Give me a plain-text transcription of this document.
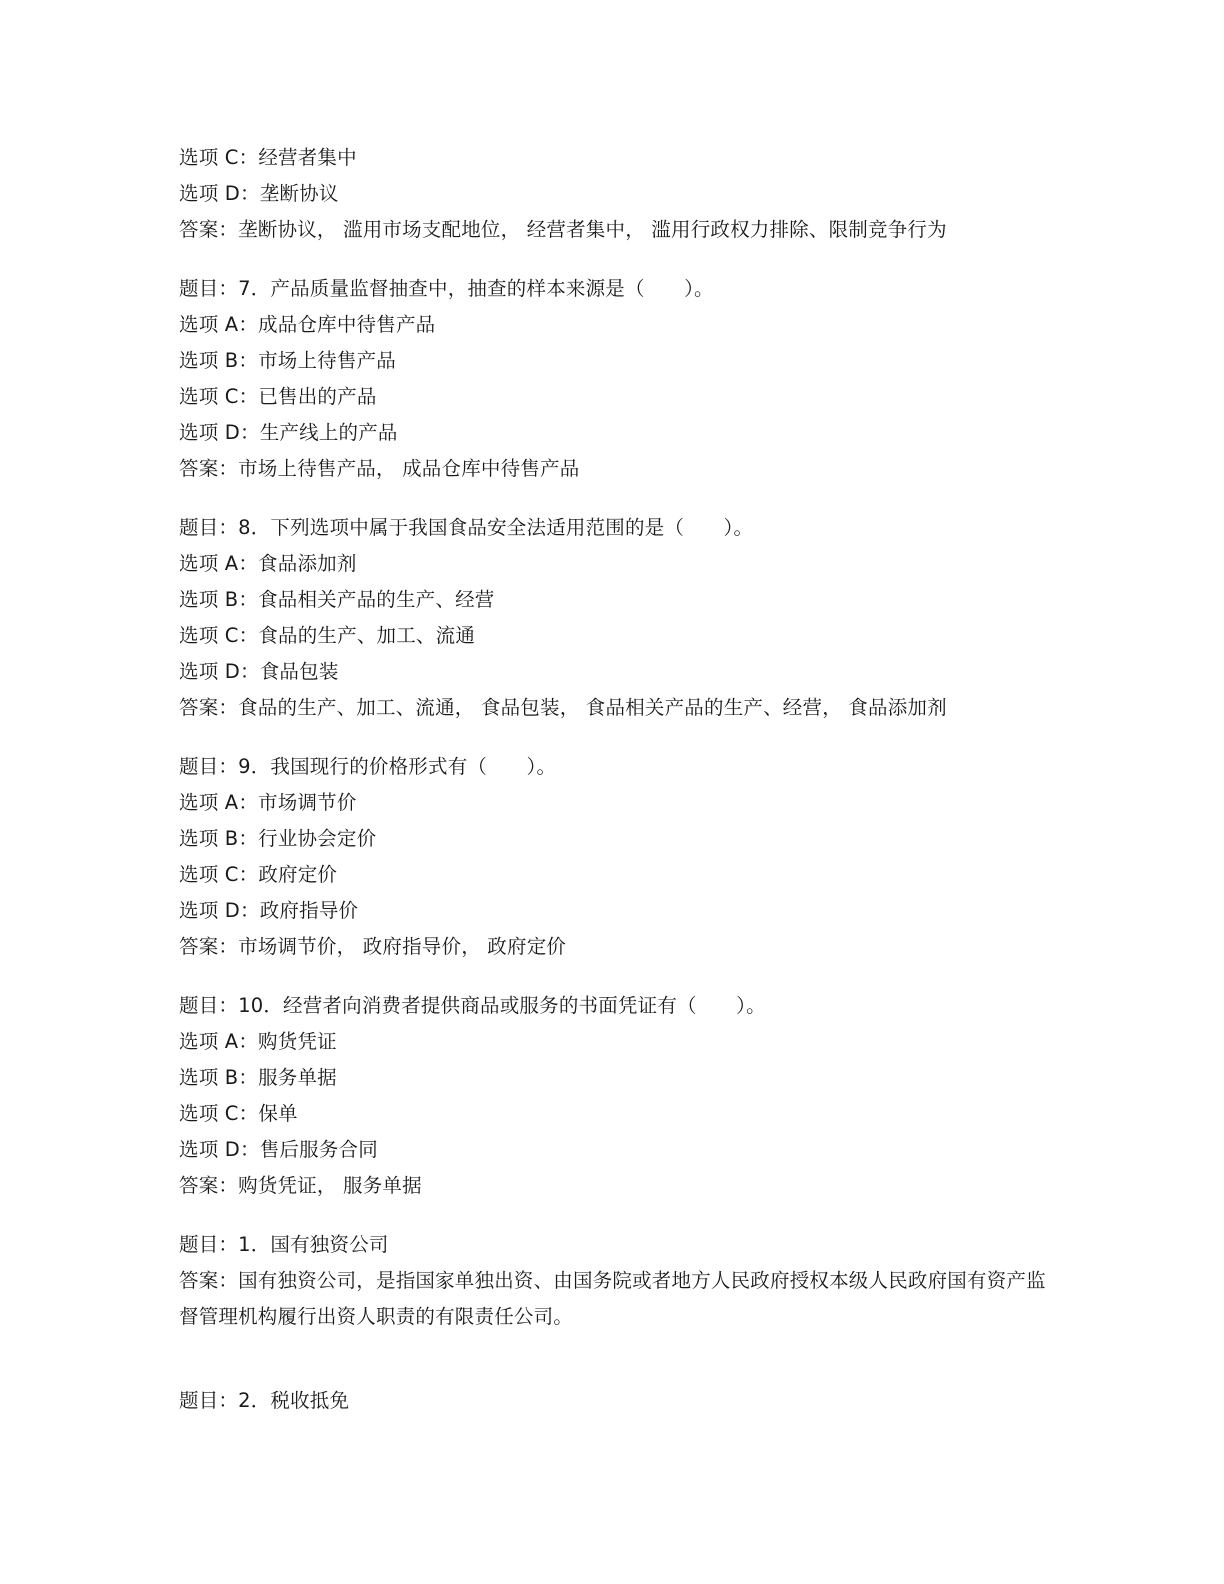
选项 C：经营者集中
选项 D：垄断协议
答案：垄断协议， 滥用市场支配地位， 经营者集中， 滥用行政权力排除、限制竞争行为
题目：7．产品质量监督抽查中，抽查的样本来源是（　　）。
选项 A：成品仓库中待售产品
选项 B：市场上待售产品
选项 C：已售出的产品
选项 D：生产线上的产品
答案：市场上待售产品， 成品仓库中待售产品
题目：8．下列选项中属于我国食品安全法适用范围的是（　　）。
选项 A：食品添加剂
选项 B：食品相关产品的生产、经营
选项 C：食品的生产、加工、流通
选项 D：食品包装
答案：食品的生产、加工、流通， 食品包装， 食品相关产品的生产、经营， 食品添加剂
题目：9．我国现行的价格形式有（　　）。
选项 A：市场调节价
选项 B：行业协会定价
选项 C：政府定价
选项 D：政府指导价
答案：市场调节价， 政府指导价， 政府定价
题目：10．经营者向消费者提供商品或服务的书面凭证有（　　）。
选项 A：购货凭证
选项 B：服务单据
选项 C：保单
选项 D：售后服务合同
答案：购货凭证， 服务单据
题目：1．国有独资公司
答案：国有独资公司，是指国家单独出资、由国务院或者地方人民政府授权本级人民政府国有资产监督管理机构履行出资人职责的有限责任公司。
题目：2．税收抵免
